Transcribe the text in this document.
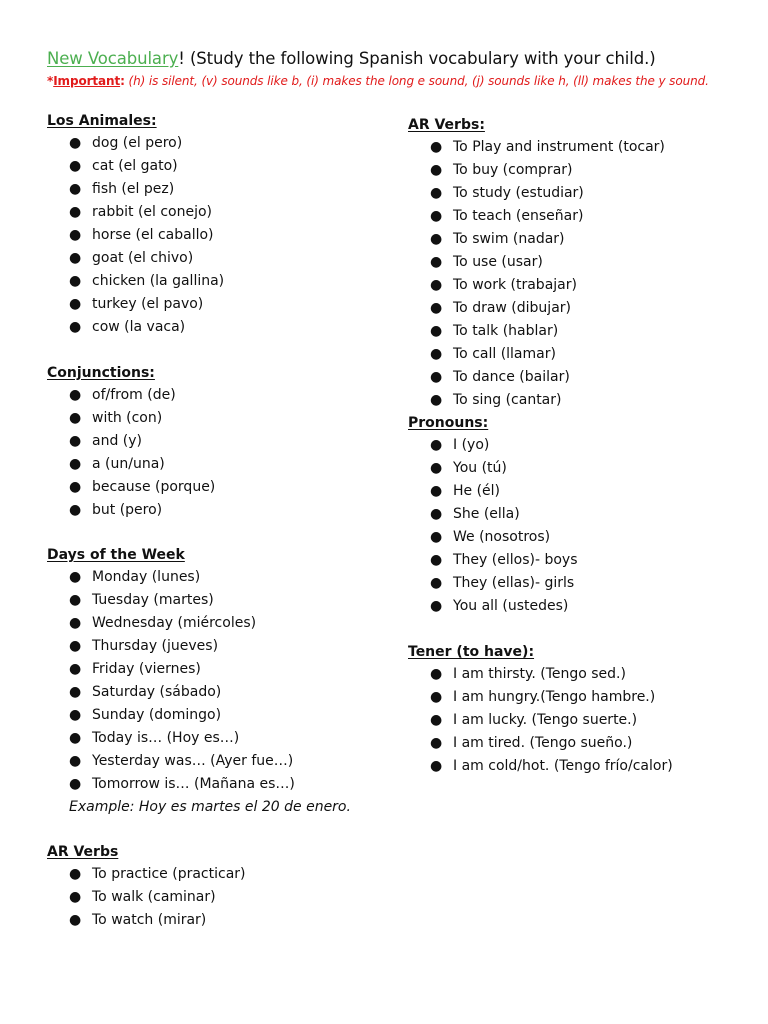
New Vocabulary! (Study the following Spanish vocabulary with your child.)
*Important: (h) is silent, (v) sounds like b, (i) makes the long e sound, (j) sounds like h, (ll) makes the y sound.
Los Animales:
● dog (el pero)
● cat (el gato)
● fish (el pez)
● rabbit (el conejo)
● horse (el caballo)
● goat (el chivo)
● chicken (la gallina)
● turkey (el pavo)
● cow (la vaca)
Conjunctions:
● of/from (de)
● with (con)
● and (y)
● a (un/una)
● because (porque)
● but (pero)
Days of the Week
● Monday (lunes)
● Tuesday (martes)
● Wednesday (miércoles)
● Thursday (jueves)
● Friday (viernes)
● Saturday (sábado)
● Sunday (domingo)
● Today is… (Hoy es…)
● Yesterday was… (Ayer fue…)
● Tomorrow is… (Mañana es…)
Example: Hoy es martes el 20 de enero.
AR Verbs
● To practice (practicar)
● To walk (caminar)
● To watch (mirar)
AR Verbs:
● To Play and instrument (tocar)
● To buy (comprar)
● To study (estudiar)
● To teach (enseñar)
● To swim (nadar)
● To use (usar)
● To work (trabajar)
● To draw (dibujar)
● To talk (hablar)
● To call (llamar)
● To dance (bailar)
● To sing (cantar)
Pronouns:
● I (yo)
● You (tú)
● He (él)
● She (ella)
● We (nosotros)
● They (ellos)- boys
● They (ellas)- girls
● You all (ustedes)
Tener (to have):
● I am thirsty. (Tengo sed.)
● I am hungry.(Tengo hambre.)
● I am lucky. (Tengo suerte.)
● I am tired. (Tengo sueño.)
● I am cold/hot. (Tengo frío/calor)
